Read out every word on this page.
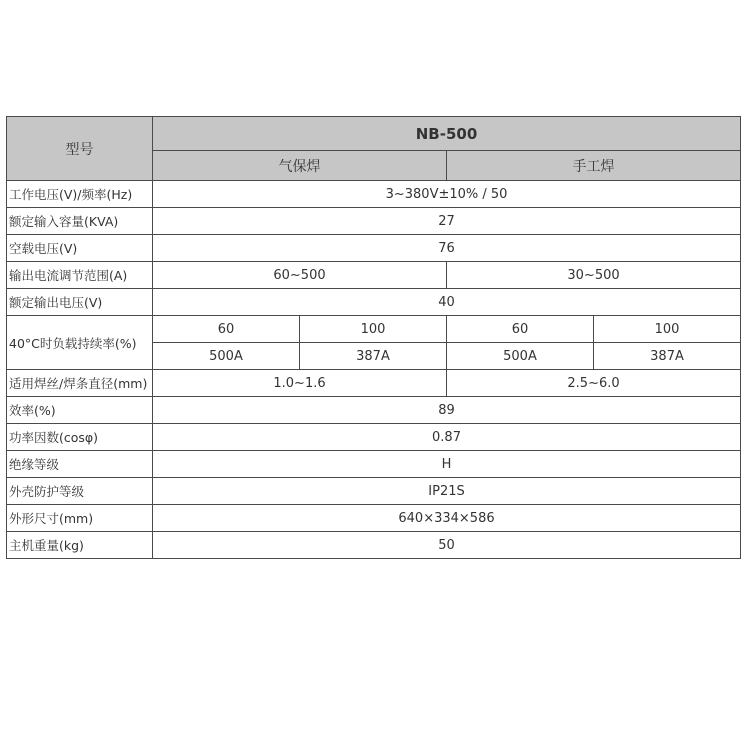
型号	NB-500			
	气保焊		手工焊	
工作电压(V)/频率(Hz)	3~380V±10% / 50			
额定输入容量(KVA)	27			
空载电压(V)	76			
输出电流调节范围(A)	60~500		30~500	
额定输出电压(V)	40			
40°C时负载持续率(%)	60	100	60	100
	500A	387A	500A	387A
适用焊丝/焊条直径(mm)	1.0~1.6		2.5~6.0	
效率(%)	89			
功率因数(cosφ)	0.87			
绝缘等级	H			
外壳防护等级	IP21S			
外形尺寸(mm)	640×334×586			
主机重量(kg)	50			
